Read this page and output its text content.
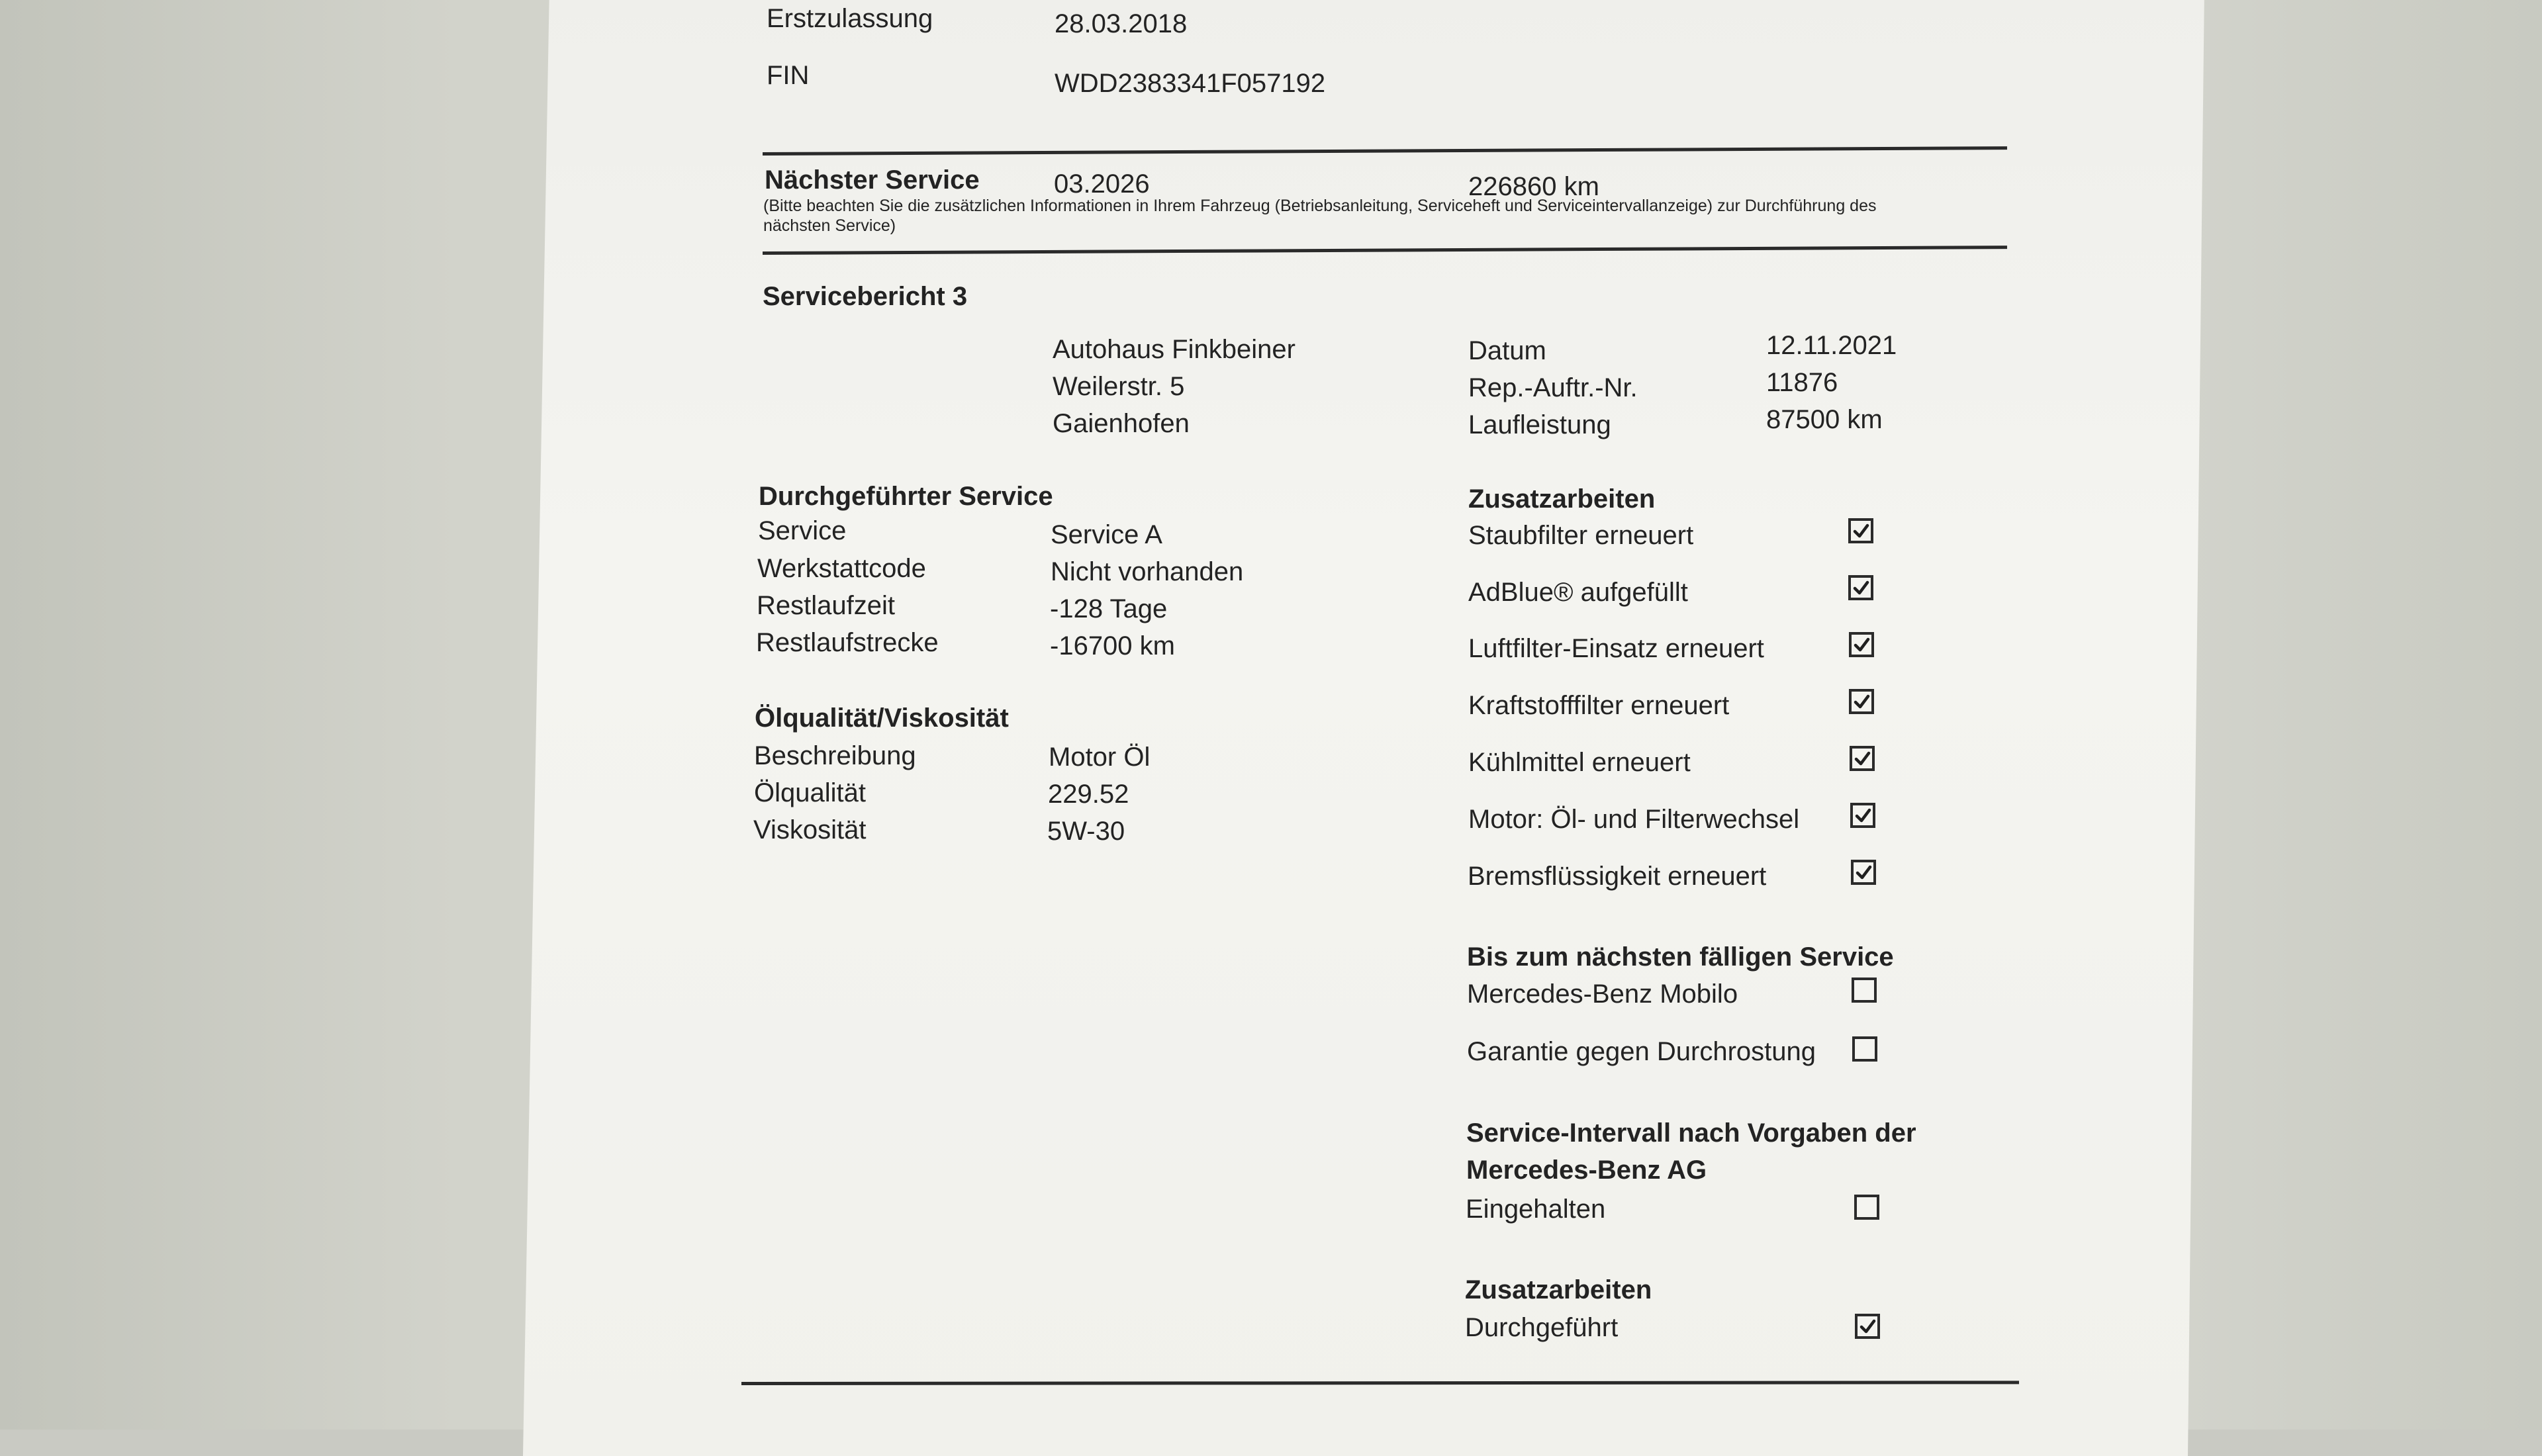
Erstzulassung	28.03.2018
FIN	WDD2383341F057192
Nächster Service	03.2026	226860 km
(Bitte beachten Sie die zusätzlichen Informationen in Ihrem Fahrzeug (Betriebsanleitung, Serviceheft und Serviceintervallanzeige) zur Durchführung des nächsten Service)
Servicebericht 3
Autohaus Finkbeiner
Weilerstr. 5
Gaienhofen
Datum	12.11.2021
Rep.-Auftr.-Nr.	11876
Laufleistung	87500 km
Durchgeführter Service
Service	Service A
Werkstattcode	Nicht vorhanden
Restlaufzeit	-128 Tage
Restlaufstrecke	-16700 km
Ölqualität/Viskosität
Beschreibung	Motor Öl
Ölqualität	229.52
Viskosität	5W-30
Zusatzarbeiten
Staubfilter erneuert
AdBlue® aufgefüllt
Luftfilter-Einsatz erneuert
Kraftstofffilter erneuert
Kühlmittel erneuert
Motor: Öl- und Filterwechsel
Bremsflüssigkeit erneuert
Bis zum nächsten fälligen Service
Mercedes-Benz Mobilo
Garantie gegen Durchrostung
Service-Intervall nach Vorgaben der
Mercedes-Benz AG
Eingehalten
Zusatzarbeiten
Durchgeführt
